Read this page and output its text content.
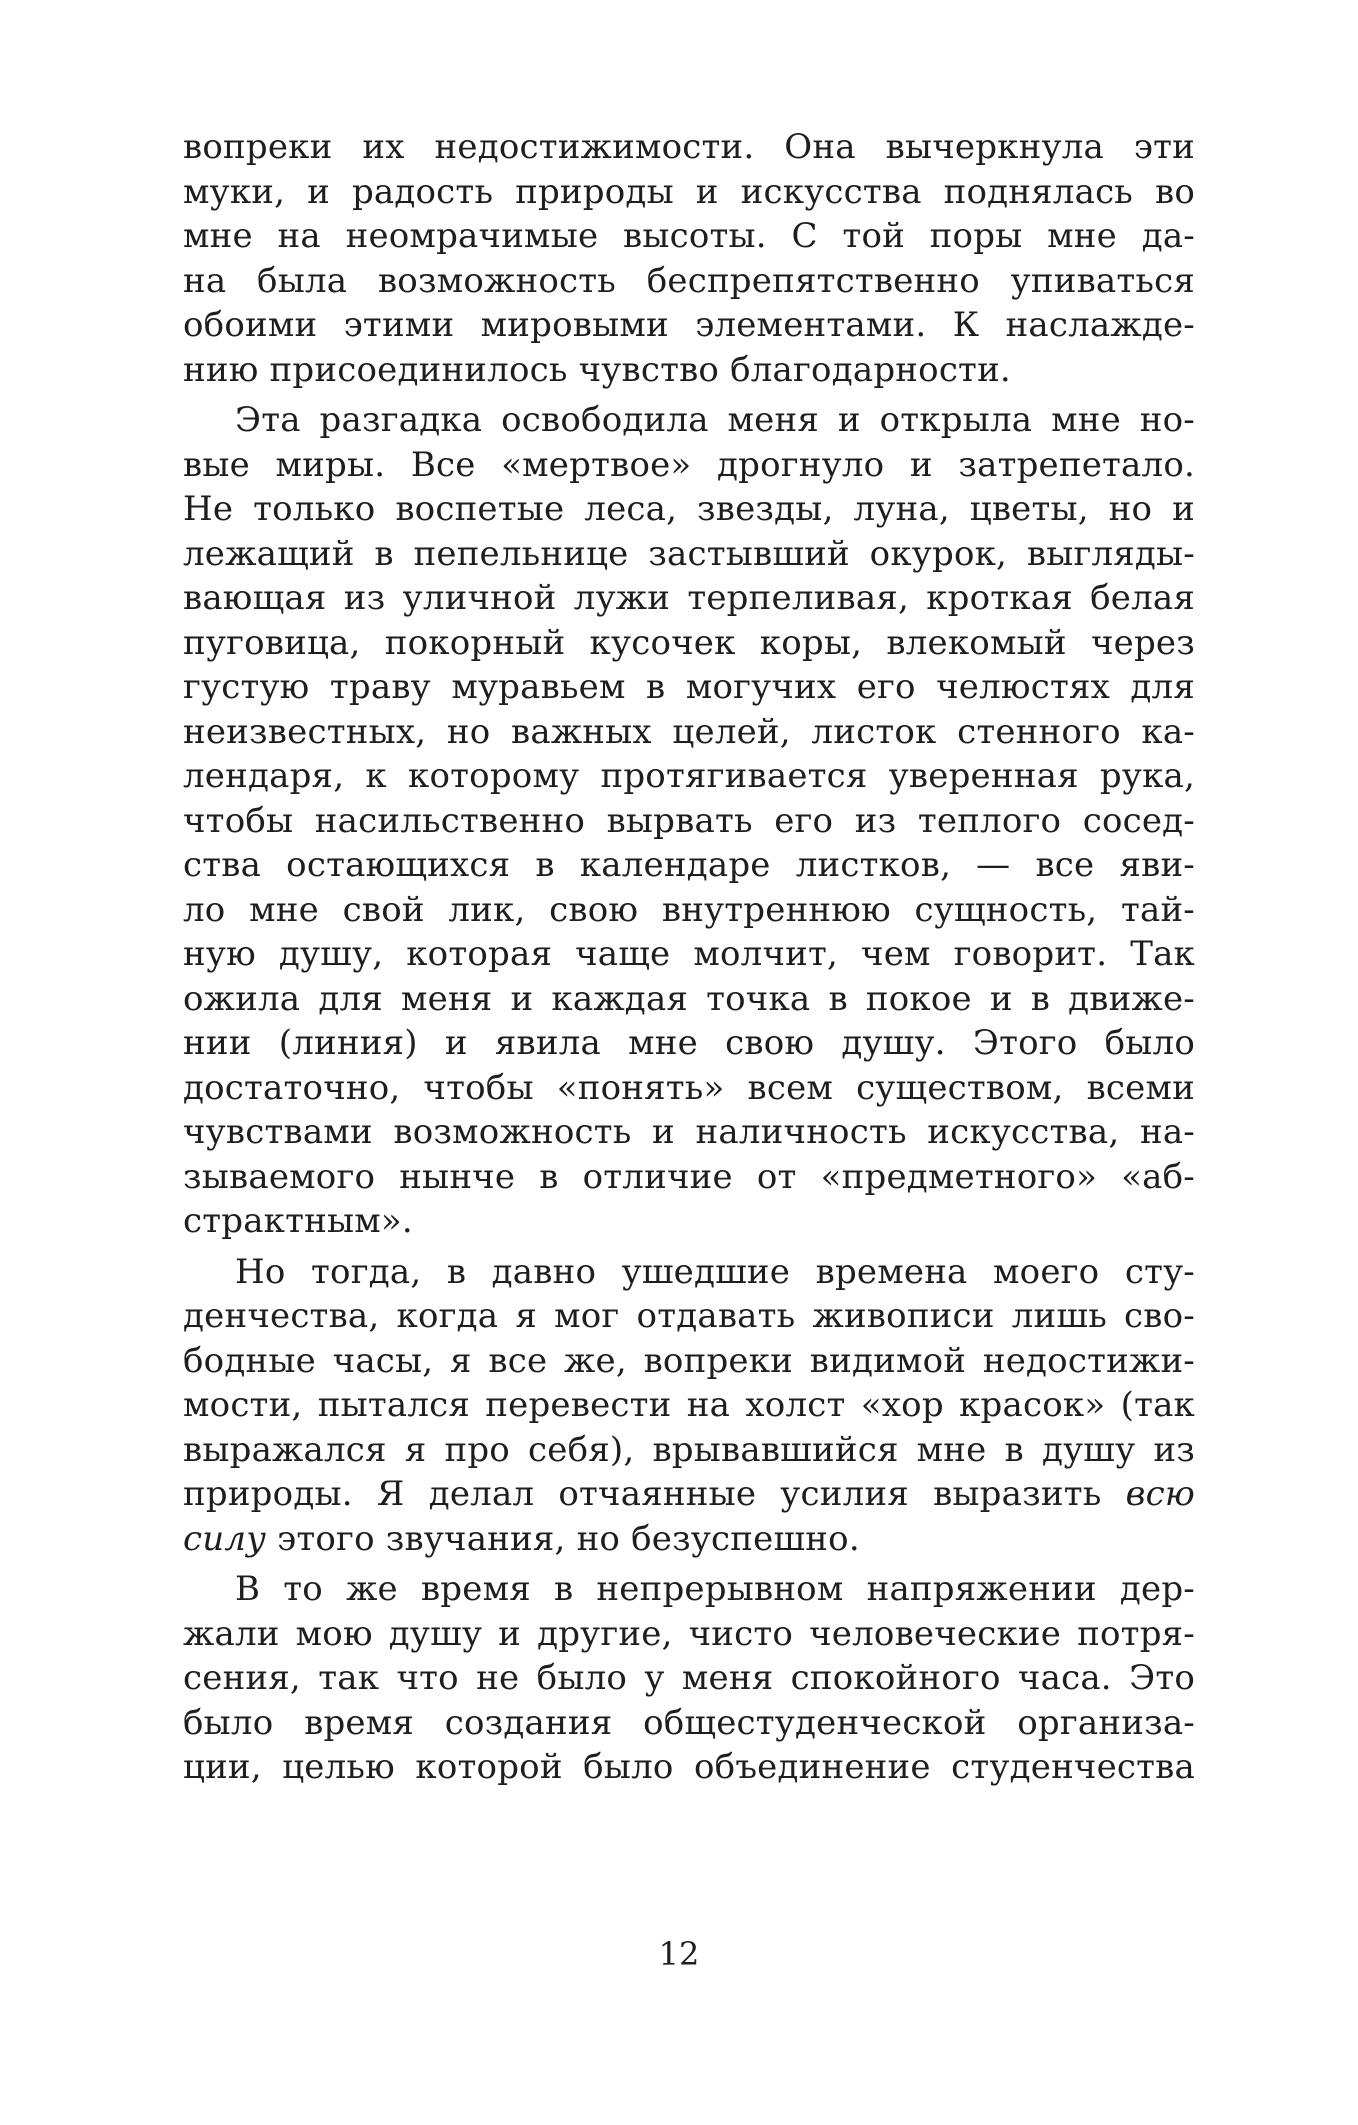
вопреки их недостижимости. Она вычеркнула эти
муки, и радость природы и искусства поднялась во
мне на неомрачимые высоты. С той поры мне да-
на была возможность беспрепятственно упиваться
обоими этими мировыми элементами. К наслажде-
нию присоединилось чувство благодарности.
Эта разгадка освободила меня и открыла мне но-
вые миры. Все «мертвое» дрогнуло и затрепетало.
Не только воспетые леса, звезды, луна, цветы, но и
лежащий в пепельнице застывший окурок, выгляды-
вающая из уличной лужи терпеливая, кроткая белая
пуговица, покорный кусочек коры, влекомый через
густую траву муравьем в могучих его челюстях для
неизвестных, но важных целей, листок стенного ка-
лендаря, к которому протягивается уверенная рука,
чтобы насильственно вырвать его из теплого сосед-
ства остающихся в календаре листков, — все яви-
ло мне свой лик, свою внутреннюю сущность, тай-
ную душу, которая чаще молчит, чем говорит. Так
ожила для меня и каждая точка в покое и в движе-
нии (линия) и явила мне свою душу. Этого было
достаточно, чтобы «понять» всем существом, всеми
чувствами возможность и наличность искусства, на-
зываемого нынче в отличие от «предметного» «аб-
страктным».
Но тогда, в давно ушедшие времена моего сту-
денчества, когда я мог отдавать живописи лишь сво-
бодные часы, я все же, вопреки видимой недостижи-
мости, пытался перевести на холст «хор красок» (так
выражался я про себя), врывавшийся мне в душу из
природы. Я делал отчаянные усилия выразить всю
силу этого звучания, но безуспешно.
В то же время в непрерывном напряжении дер-
жали мою душу и другие, чисто человеческие потря-
сения, так что не было у меня спокойного часа. Это
было время создания общестуденческой организа-
ции, целью которой было объединение студенчества
12
